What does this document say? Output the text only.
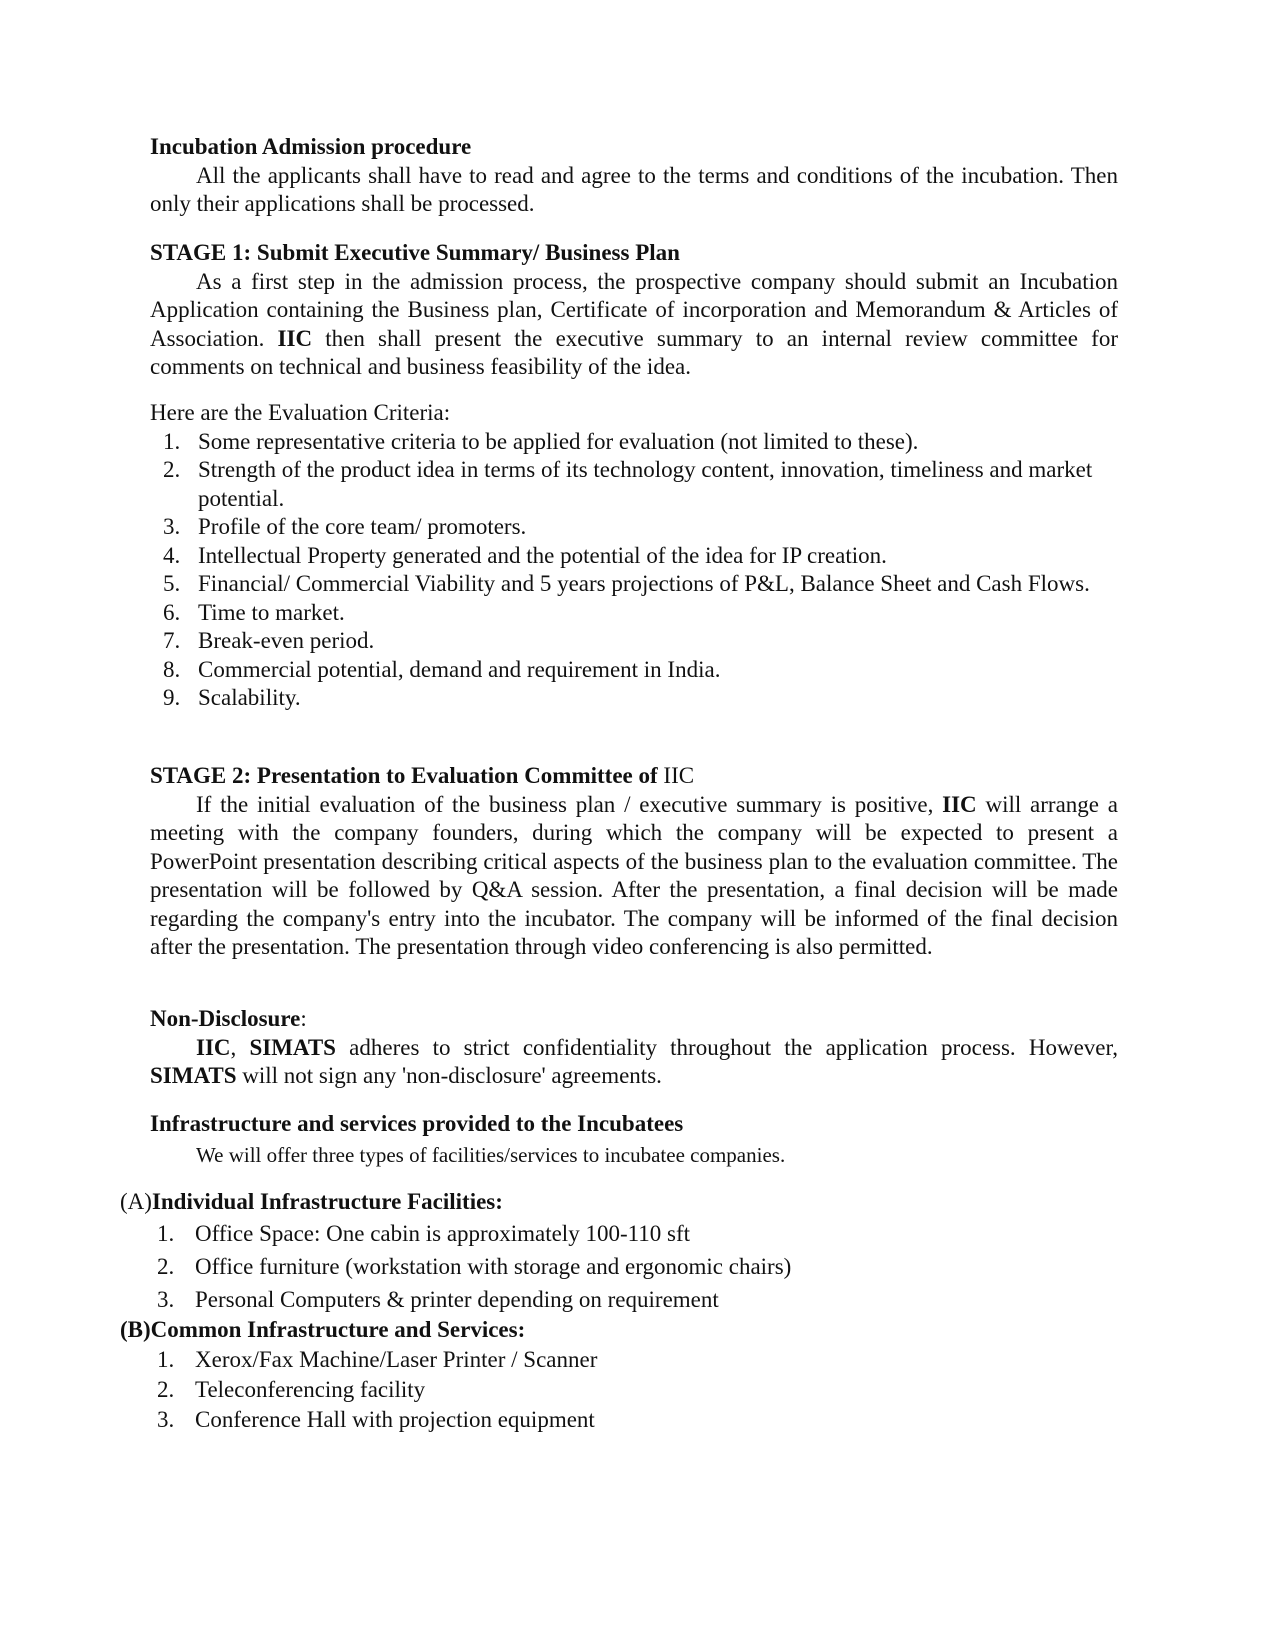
Incubation Admission procedure

All the applicants shall have to read and agree to the terms and conditions of the incubation. Then only their applications shall be processed.

STAGE 1: Submit Executive Summary/ Business Plan

As a first step in the admission process, the prospective company should submit an Incubation Application containing the Business plan, Certificate of incorporation and Memorandum & Articles of Association. IIC then shall present the executive summary to an internal review committee for comments on technical and business feasibility of the idea.

Here are the Evaluation Criteria:

1. Some representative criteria to be applied for evaluation (not limited to these).
2. Strength of the product idea in terms of its technology content, innovation, timeliness and market potential.
3. Profile of the core team/ promoters.
4. Intellectual Property generated and the potential of the idea for IP creation.
5. Financial/ Commercial Viability and 5 years projections of P&L, Balance Sheet and Cash Flows.
6. Time to market.
7. Break-even period.
8. Commercial potential, demand and requirement in India.
9. Scalability.

STAGE 2: Presentation to Evaluation Committee of IIC

If the initial evaluation of the business plan / executive summary is positive, IIC will arrange a meeting with the company founders, during which the company will be expected to present a PowerPoint presentation describing critical aspects of the business plan to the evaluation committee. The presentation will be followed by Q&A session. After the presentation, a final decision will be made regarding the company's entry into the incubator. The company will be informed of the final decision after the presentation. The presentation through video conferencing is also permitted.

Non-Disclosure:

IIC, SIMATS adheres to strict confidentiality throughout the application process. However, SIMATS will not sign any 'non-disclosure' agreements.

Infrastructure and services provided to the Incubatees

We will offer three types of facilities/services to incubatee companies.

(A)Individual Infrastructure Facilities:

1. Office Space: One cabin is approximately 100-110 sft
2. Office furniture (workstation with storage and ergonomic chairs)
3. Personal Computers & printer depending on requirement

(B)Common Infrastructure and Services:

1. Xerox/Fax Machine/Laser Printer / Scanner
2. Teleconferencing facility
3. Conference Hall with projection equipment
